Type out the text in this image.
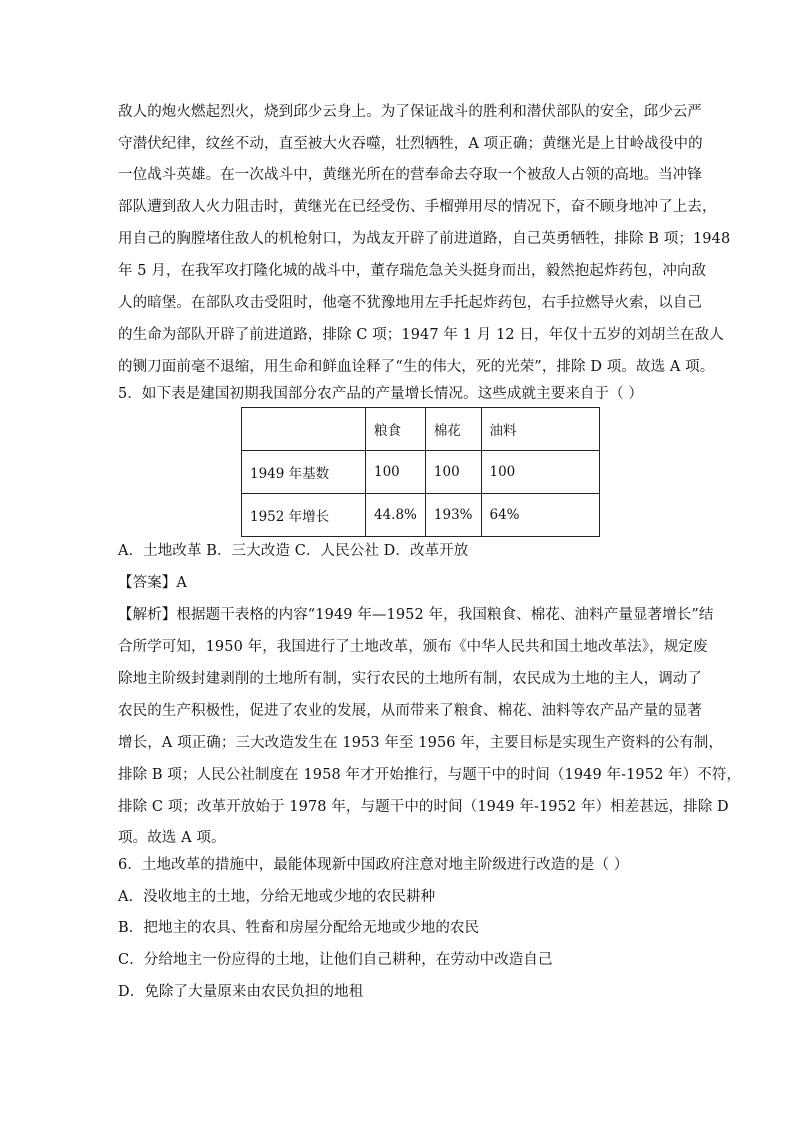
敌人的炮火燃起烈火，烧到邱少云身上。为了保证战斗的胜利和潜伏部队的安全，邱少云严
守潜伏纪律，纹丝不动，直至被大火吞噬，壮烈牺牲，A 项正确；黄继光是上甘岭战役中的
一位战斗英雄。在一次战斗中，黄继光所在的营奉命去夺取一个被敌人占领的高地。当冲锋
部队遭到敌人火力阻击时，黄继光在已经受伤、手榴弹用尽的情况下，奋不顾身地冲了上去，
用自己的胸膛堵住敌人的机枪射口，为战友开辟了前进道路，自己英勇牺牲，排除 B 项；1948
年 5 月，在我军攻打隆化城的战斗中，董存瑞危急关头挺身而出，毅然抱起炸药包，冲向敌
人的暗堡。在部队攻击受阻时，他毫不犹豫地用左手托起炸药包，右手拉燃导火索，以自己
的生命为部队开辟了前进道路，排除 C 项；1947 年 1 月 12 日，年仅十五岁的刘胡兰在敌人
的铡刀面前毫不退缩，用生命和鲜血诠释了“生的伟大，死的光荣”，排除 D 项。故选 A 项。
5．如下表是建国初期我国部分农产品的产量增长情况。这些成就主要来自于（ ）
	粮食	棉花	油料
1949 年基数	100	100	100
1952 年增长	44.8%	193%	64%
A．土地改革 B．三大改造 C．人民公社 D．改革开放
【答案】A
【解析】根据题干表格的内容“1949 年—1952 年，我国粮食、棉花、油料产量显著增长”结
合所学可知，1950 年，我国进行了土地改革，颁布《中华人民共和国土地改革法》，规定废
除地主阶级封建剥削的土地所有制，实行农民的土地所有制，农民成为土地的主人，调动了
农民的生产积极性，促进了农业的发展，从而带来了粮食、棉花、油料等农产品产量的显著
增长，A 项正确；三大改造发生在 1953 年至 1956 年，主要目标是实现生产资料的公有制，
排除 B 项；人民公社制度在 1958 年才开始推行，与题干中的时间（1949 年-1952 年）不符，
排除 C 项；改革开放始于 1978 年，与题干中的时间（1949 年-1952 年）相差甚远，排除 D
项。故选 A 项。
6．土地改革的措施中，最能体现新中国政府注意对地主阶级进行改造的是（ ）
A．没收地主的土地，分给无地或少地的农民耕种
B．把地主的农具、牲畜和房屋分配给无地或少地的农民
C．分给地主一份应得的土地，让他们自己耕种，在劳动中改造自己
D．免除了大量原来由农民负担的地租
